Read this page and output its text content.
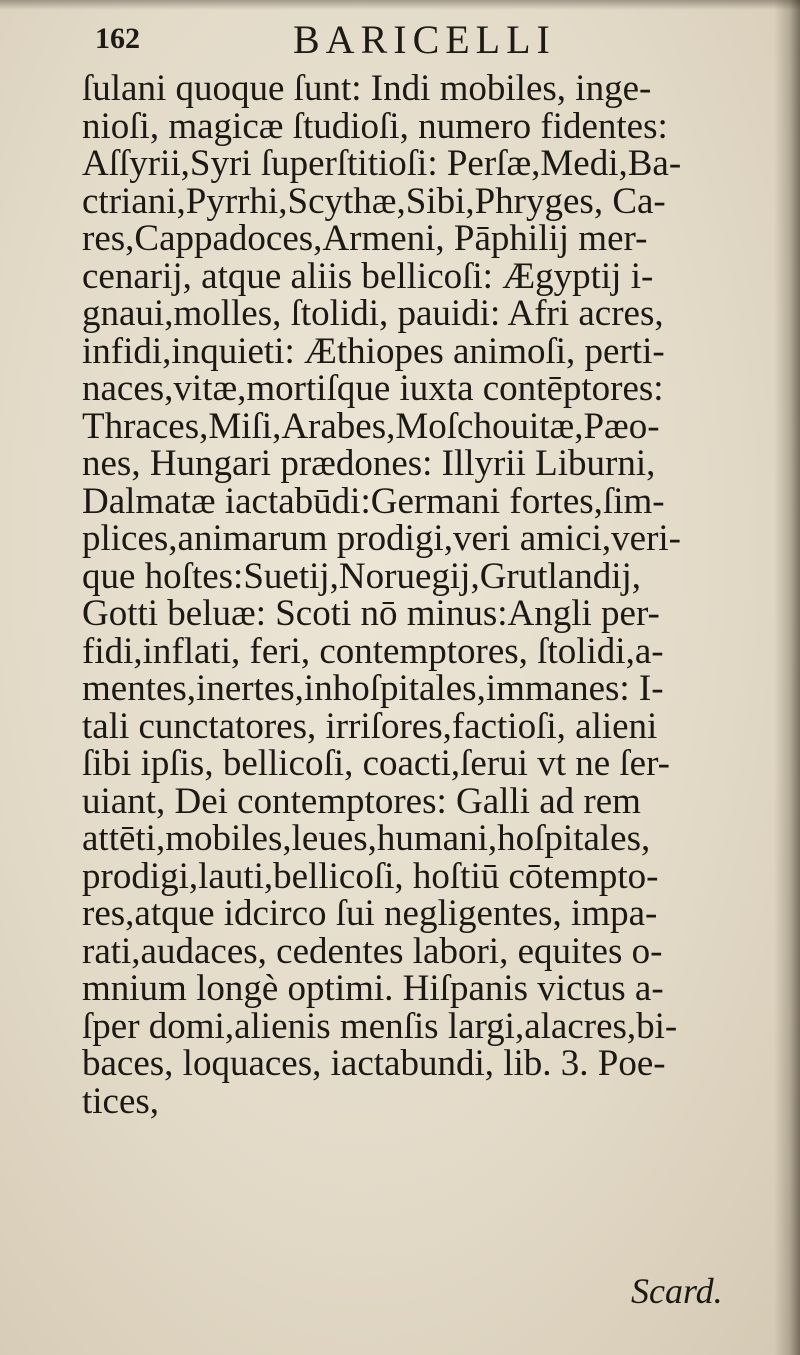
162	BARICELLI
ſulani quoque ſunt: Indi mobiles, inge-
nioſi, magicæ ſtudioſi, numero fidentes:
Aſſyrii,Syri ſuperſtitioſi: Perſæ,Medi,Ba-
ctriani,Pyrrhi,Scythæ,Sibi,Phryges, Ca-
res,Cappadoces,Armeni, Pāphilij mer-
cenarij, atque aliis bellicoſi: Ægyptij i-
gnaui,molles, ſtolidi, pauidi: Afri acres,
infidi,inquieti: Æthiopes animoſi, perti-
naces,vitæ,mortiſque iuxta contēptores:
Thraces,Miſi,Arabes,Moſchouitæ,Pæo-
nes, Hungari prædones: Illyrii Liburni,
Dalmatæ iactabūdi:Germani fortes,ſim-
plices,animarum prodigi,veri amici,veri-
que hoſtes:Suetij,Noruegij,Grutlandij,
Gotti beluæ: Scoti nō minus:Angli per-
fidi,inflati, feri, contemptores, ſtolidi,a-
mentes,inertes,inhoſpitales,immanes: I-
tali cunctatores, irriſores,factioſi, alieni
ſibi ipſis, bellicoſi, coacti,ſerui vt ne ſer-
uiant, Dei contemptores: Galli ad rem
attēti,mobiles,leues,humani,hoſpitales,
prodigi,lauti,bellicoſi, hoſtiū cōtempto-
res,atque idcirco ſui negligentes, impa-
rati,audaces, cedentes labori, equites o-
mnium longè optimi. Hiſpanis victus a-
ſper domi,alienis menſis largi,alacres,bi-
baces, loquaces, iactabundi, lib. 3. Poe-
tices,
Scard.
